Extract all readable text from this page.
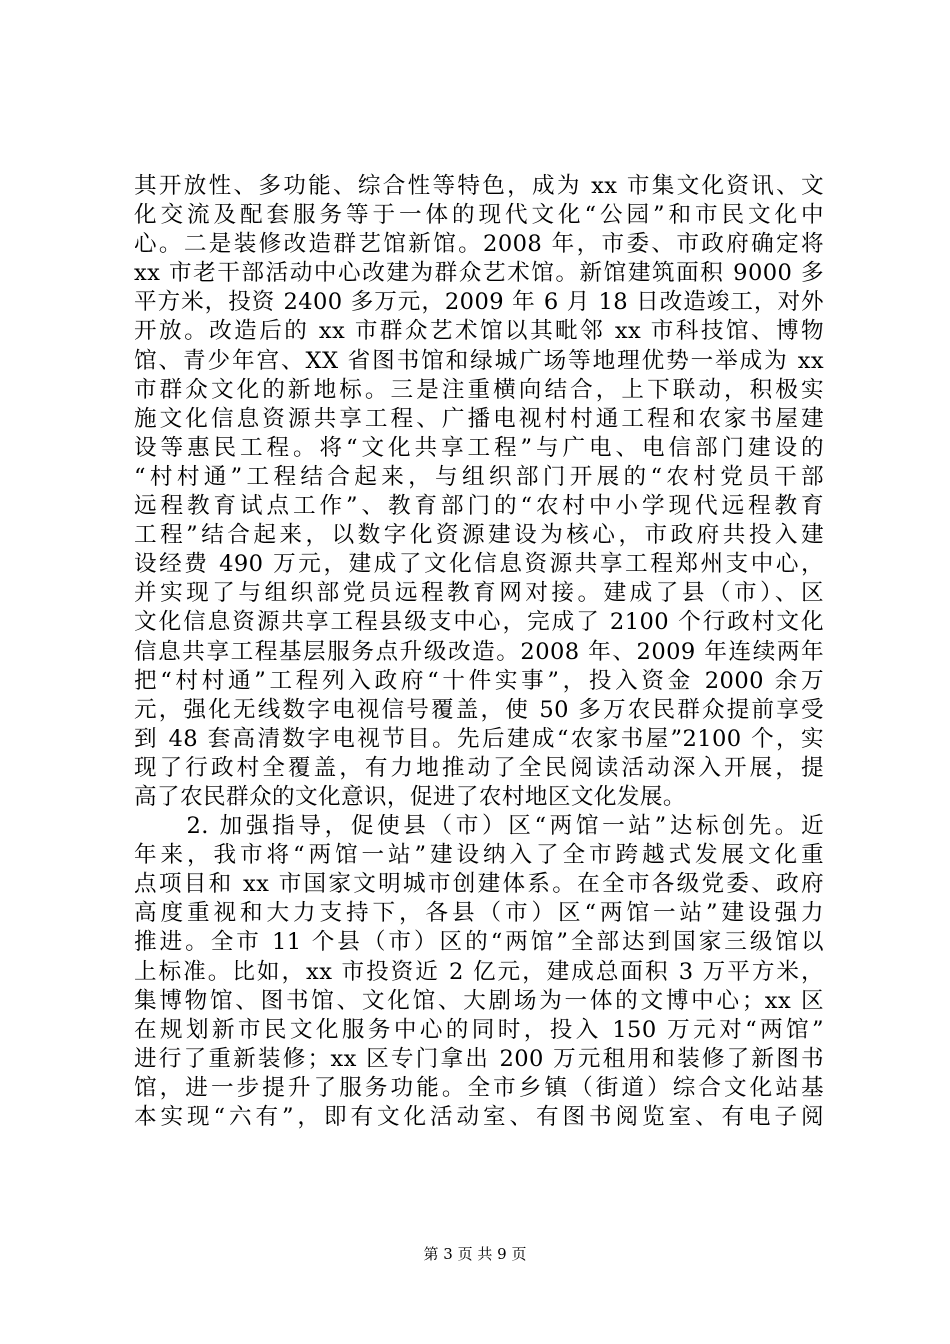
其开放性、多功能、综合性等特色，成为 xx 市集文化资讯、文
化交流及配套服务等于一体的现代文化“公园”和市民文化中
心。二是装修改造群艺馆新馆。2008 年，市委、市政府确定将
xx 市老干部活动中心改建为群众艺术馆。新馆建筑面积 9000 多
平方米，投资 2400 多万元，2009 年 6 月 18 日改造竣工，对外
开放。改造后的 xx 市群众艺术馆以其毗邻 xx 市科技馆、博物
馆、青少年宫、XX 省图书馆和绿城广场等地理优势一举成为 xx
市群众文化的新地标。三是注重横向结合，上下联动，积极实
施文化信息资源共享工程、广播电视村村通工程和农家书屋建
设等惠民工程。将“文化共享工程”与广电、电信部门建设的
“村村通”工程结合起来，与组织部门开展的“农村党员干部
远程教育试点工作”、教育部门的“农村中小学现代远程教育
工程”结合起来，以数字化资源建设为核心，市政府共投入建
设经费 490 万元，建成了文化信息资源共享工程郑州支中心，
并实现了与组织部党员远程教育网对接。建成了县（市）、区
文化信息资源共享工程县级支中心，完成了 2100 个行政村文化
信息共享工程基层服务点升级改造。2008 年、2009 年连续两年
把“村村通”工程列入政府“十件实事”，投入资金 2000 余万
元，强化无线数字电视信号覆盖，使 50 多万农民群众提前享受
到 48 套高清数字电视节目。先后建成“农家书屋”2100 个，实
现了行政村全覆盖，有力地推动了全民阅读活动深入开展，提
高了农民群众的文化意识，促进了农村地区文化发展。
　　2. 加强指导，促使县（市）区“两馆一站”达标创先。近
年来，我市将“两馆一站”建设纳入了全市跨越式发展文化重
点项目和 xx 市国家文明城市创建体系。在全市各级党委、政府
高度重视和大力支持下，各县（市）区“两馆一站”建设强力
推进。全市 11 个县（市）区的“两馆”全部达到国家三级馆以
上标准。比如，xx 市投资近 2 亿元，建成总面积 3 万平方米，
集博物馆、图书馆、文化馆、大剧场为一体的文博中心；xx 区
在规划新市民文化服务中心的同时，投入 150 万元对“两馆”
进行了重新装修；xx 区专门拿出 200 万元租用和装修了新图书
馆，进一步提升了服务功能。全市乡镇（街道）综合文化站基
本实现“六有”，即有文化活动室、有图书阅览室、有电子阅
第 3 页 共 9 页
